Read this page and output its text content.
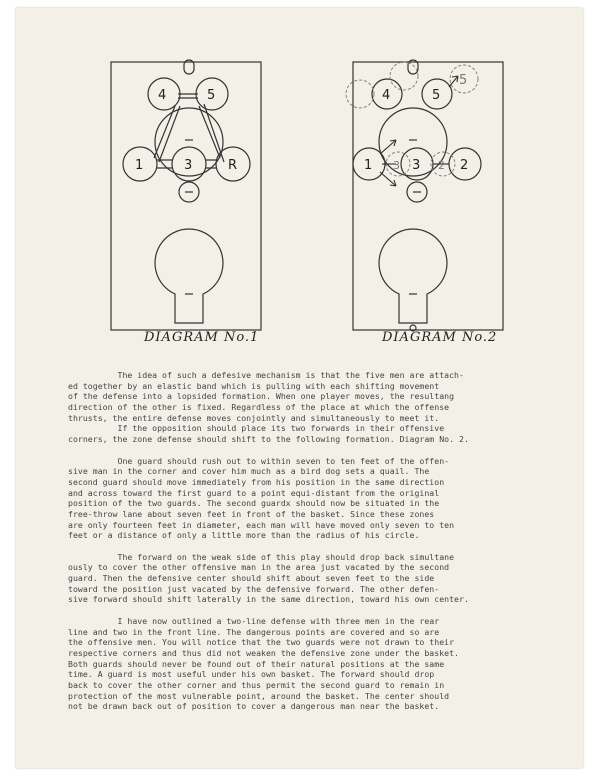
4	5
1	3	R
DIAGRAM No.1
4	5
1	3	2
5
3	2
DIAGRAM No.2
The idea of such a defesive mechanism is that the five men are attach-
ed together by an elastic band which is pulling with each shifting movement
of the defense into a lopsided formation. When one player moves, the resultang
direction of the other is fixed. Regardless of the place at which the offense
thrusts, the entire defense moves conjointly and simultaneously to meet it.
If the opposition should place its two forwards in their offensive
corners, the zone defense should shift to the following formation. Diagram No. 2.
One guard should rush out to within seven to ten feet of the offen-
sive man in the corner and cover him much as a bird dog sets a quail. The
second guard should move immediately from his position in the same direction
and across toward the first guard to a point equi-distant from the original
position of the two guards. The second guardx should now be situated in the
free-throw lane about seven feet in front of the basket. Since these zones
are only fourteen feet in diameter, each man will have moved only seven to ten
feet or a distance of only a little more than the radius of his circle.
The forward on the weak side of this play should drop back simultane
ously to cover the other offensive man in the area just vacated by the second
guard. Then the defensive center should shift about seven feet to the side
toward the position just vacated by the defensive forward. The other defen-
sive forward should shift laterally in the same direction, toward his own center.
I have now outlined a two-line defense with three men in the rear
line and two in the front line. The dangerous points are covered and so are
the offensive men. You will notice that the two guards were not drawn to their
respective corners and thus did not weaken the defensive zone under the basket.
Both guards should never be found out of their natural positions at the same
time. A guard is most useful under his own basket. The forward should drop
back to cover the other corner and thus permit the second guard to remain in
protection of the most vulnerable point, around the basket. The center should
not be drawn back out of position to cover a dangerous man near the basket.
